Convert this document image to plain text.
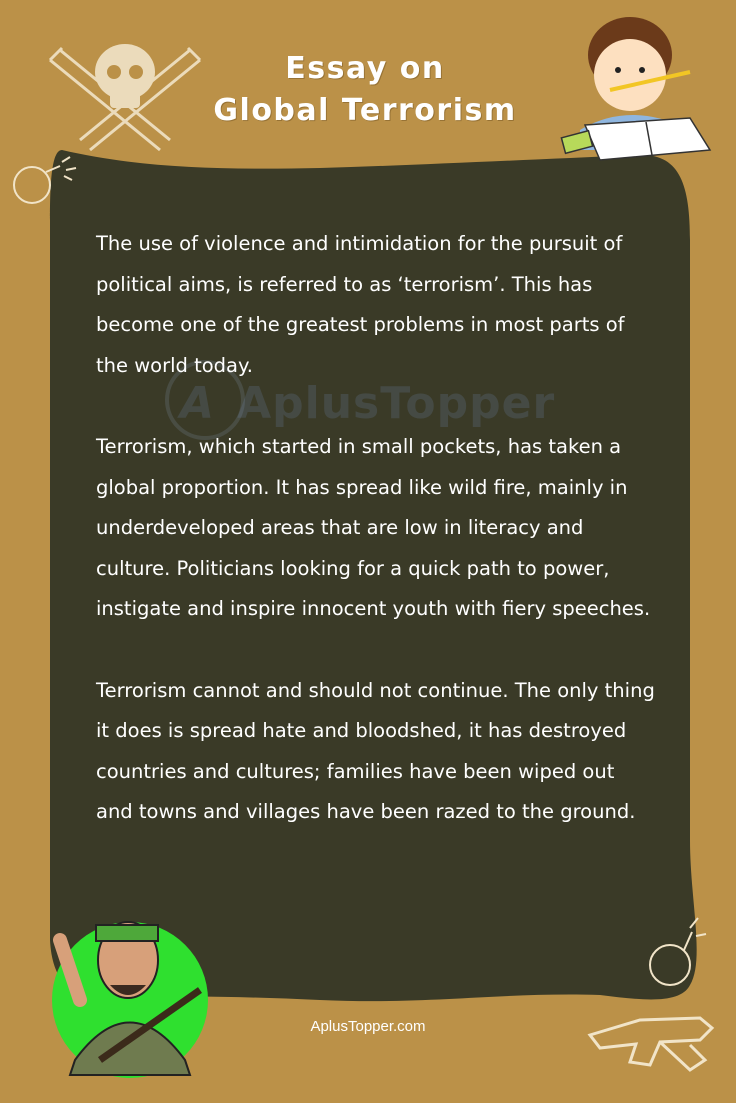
Essay on
Global Terrorism
A AplusTopper

The use of violence and intimidation for the pursuit of political aims, is referred to as ‘terrorism’. This has become one of the greatest problems in most parts of the world today.

Terrorism, which started in small pockets, has taken a global proportion. It has spread like wild fire, mainly in underdeveloped areas that are low in literacy and culture. Politicians looking for a quick path to power, instigate and inspire innocent youth with fiery speeches.

Terrorism cannot and should not continue. The only thing it does is spread hate and bloodshed, it has destroyed countries and cultures; families have been wiped out and towns and villages have been razed to the ground.

AplusTopper.com
